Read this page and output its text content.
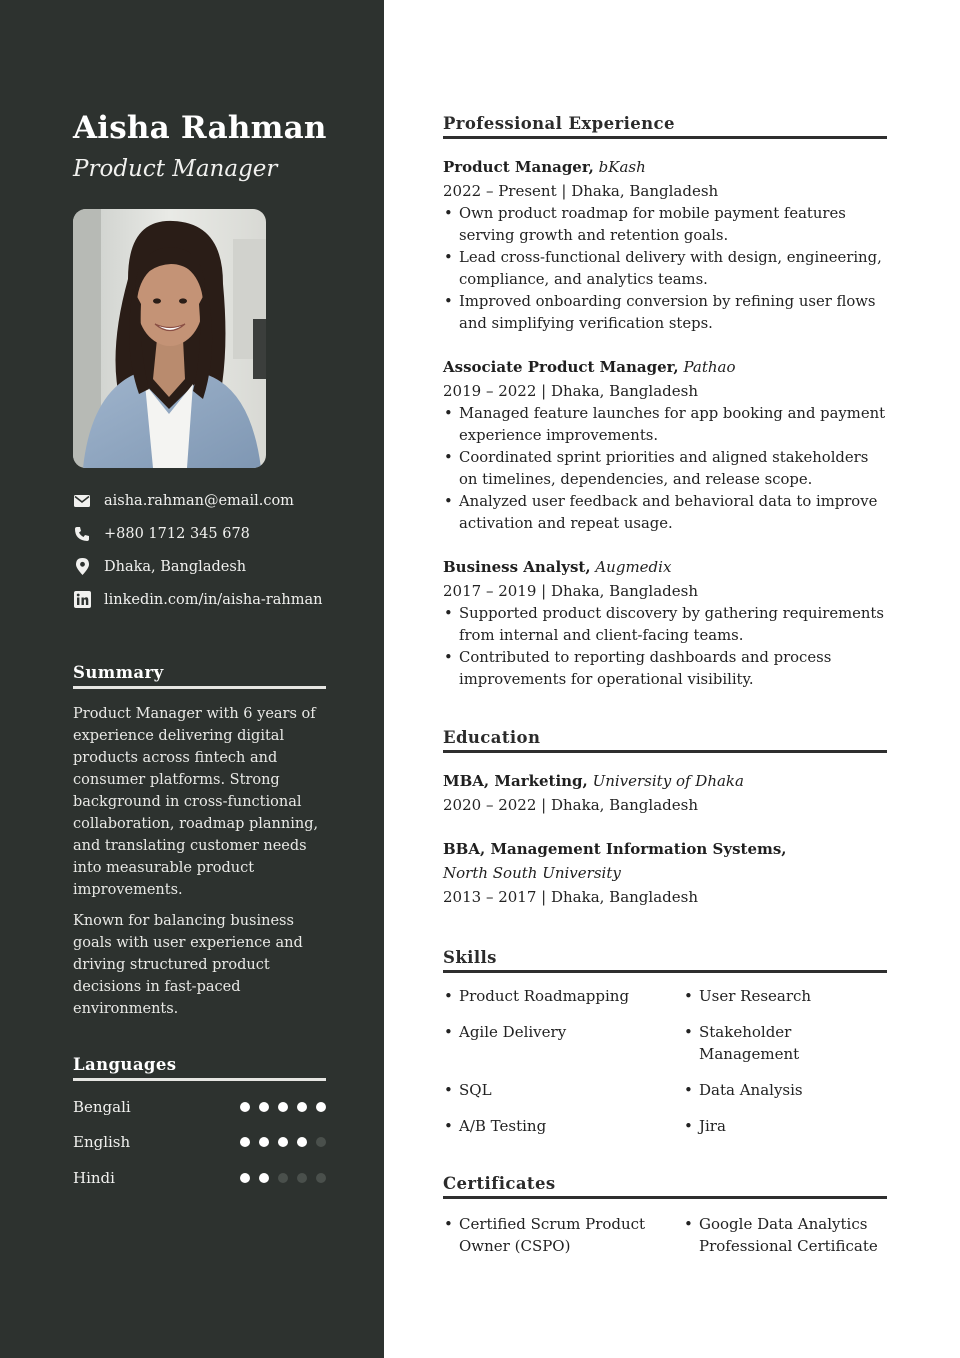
Aisha Rahman
Product Manager
aisha.rahman@email.com
+880 1712 345 678
Dhaka, Bangladesh
linkedin.com/in/aisha-rahman
Summary

Product Manager with 6 years of experience delivering digital products across fintech and consumer platforms. Strong background in cross-functional collaboration, roadmap planning, and translating customer needs into measurable product improvements.

Known for balancing business goals with user experience and driving structured product decisions in fast-paced environments.

Languages
Bengali
English
Hindi
Professional Experience
Product Manager, bKash
2022 – Present | Dhaka, Bangladesh
• Own product roadmap for mobile payment features serving growth and retention goals.
• Lead cross-functional delivery with design, engineering, compliance, and analytics teams.
• Improved onboarding conversion by refining user flows and simplifying verification steps.
Associate Product Manager, Pathao
2019 – 2022 | Dhaka, Bangladesh
• Managed feature launches for app booking and payment experience improvements.
• Coordinated sprint priorities and aligned stakeholders on timelines, dependencies, and release scope.
• Analyzed user feedback and behavioral data to improve activation and repeat usage.
Business Analyst, Augmedix
2017 – 2019 | Dhaka, Bangladesh
• Supported product discovery by gathering requirements from internal and client-facing teams.
• Contributed to reporting dashboards and process improvements for operational visibility.
Education
MBA, Marketing, University of Dhaka
2020 – 2022 | Dhaka, Bangladesh
BBA, Management Information Systems,
North South University
2013 – 2017 | Dhaka, Bangladesh
Skills
• Product Roadmapping	• User Research
• Agile Delivery	• Stakeholder Management
• SQL	• Data Analysis
• A/B Testing	• Jira
Certificates
• Certified Scrum Product Owner (CSPO)
• Google Data Analytics Professional Certificate
